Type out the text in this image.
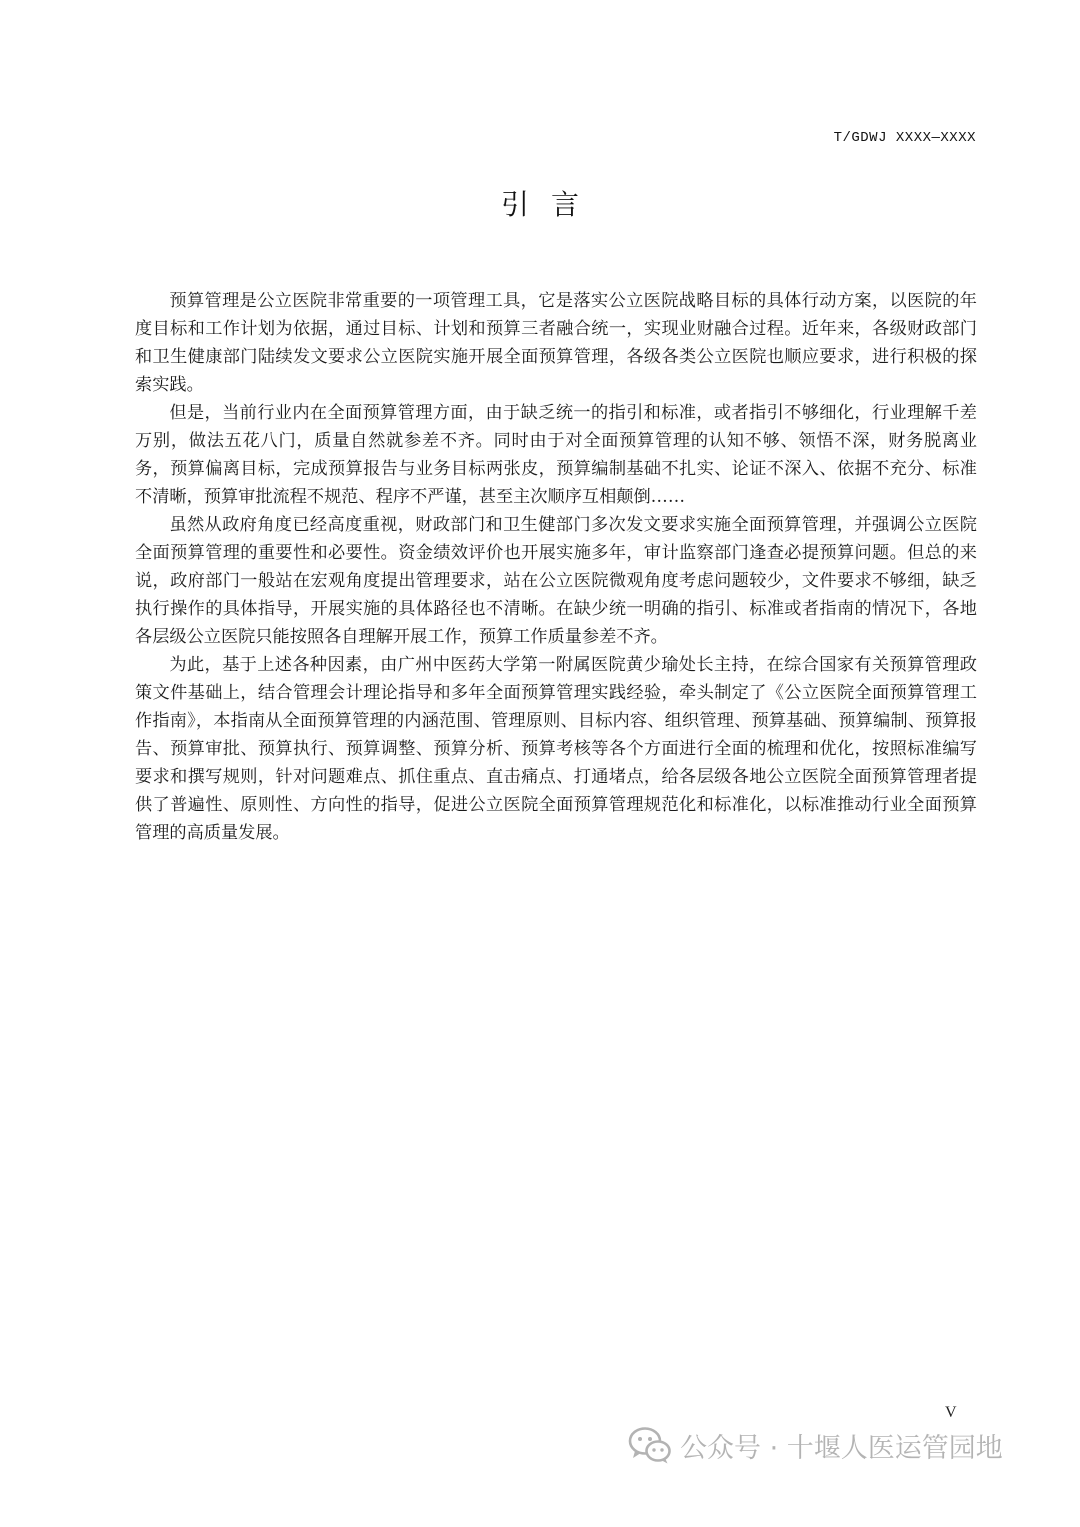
T/GDWJ XXXX—XXXX
引言

预算管理是公立医院非常重要的一项管理工具，它是落实公立医院战略目标的具体行动方案，以医院的年度目标和工作计划为依据，通过目标、计划和预算三者融合统一，实现业财融合过程。近年来，各级财政部门和卫生健康部门陆续发文要求公立医院实施开展全面预算管理，各级各类公立医院也顺应要求，进行积极的探索实践。

但是，当前行业内在全面预算管理方面，由于缺乏统一的指引和标准，或者指引不够细化，行业理解千差万别，做法五花八门，质量自然就参差不齐。同时由于对全面预算管理的认知不够、领悟不深，财务脱离业务，预算偏离目标，完成预算报告与业务目标两张皮，预算编制基础不扎实、论证不深入、依据不充分、标准不清晰，预算审批流程不规范、程序不严谨，甚至主次顺序互相颠倒……

虽然从政府角度已经高度重视，财政部门和卫生健部门多次发文要求实施全面预算管理，并强调公立医院全面预算管理的重要性和必要性。资金绩效评价也开展实施多年，审计监察部门逢查必提预算问题。但总的来说，政府部门一般站在宏观角度提出管理要求，站在公立医院微观角度考虑问题较少，文件要求不够细，缺乏执行操作的具体指导，开展实施的具体路径也不清晰。在缺少统一明确的指引、标准或者指南的情况下，各地各层级公立医院只能按照各自理解开展工作，预算工作质量参差不齐。

为此，基于上述各种因素，由广州中医药大学第一附属医院黄少瑜处长主持，在综合国家有关预算管理政策文件基础上，结合管理会计理论指导和多年全面预算管理实践经验，牵头制定了《公立医院全面预算管理工作指南》，本指南从全面预算管理的内涵范围、管理原则、目标内容、组织管理、预算基础、预算编制、预算报告、预算审批、预算执行、预算调整、预算分析、预算考核等各个方面进行全面的梳理和优化，按照标准编写要求和撰写规则，针对问题难点、抓住重点、直击痛点、打通堵点，给各层级各地公立医院全面预算管理者提供了普遍性、原则性、方向性的指导，促进公立医院全面预算管理规范化和标准化，以标准推动行业全面预算管理的高质量发展。

V
公众号 · 十堰人医运管园地
